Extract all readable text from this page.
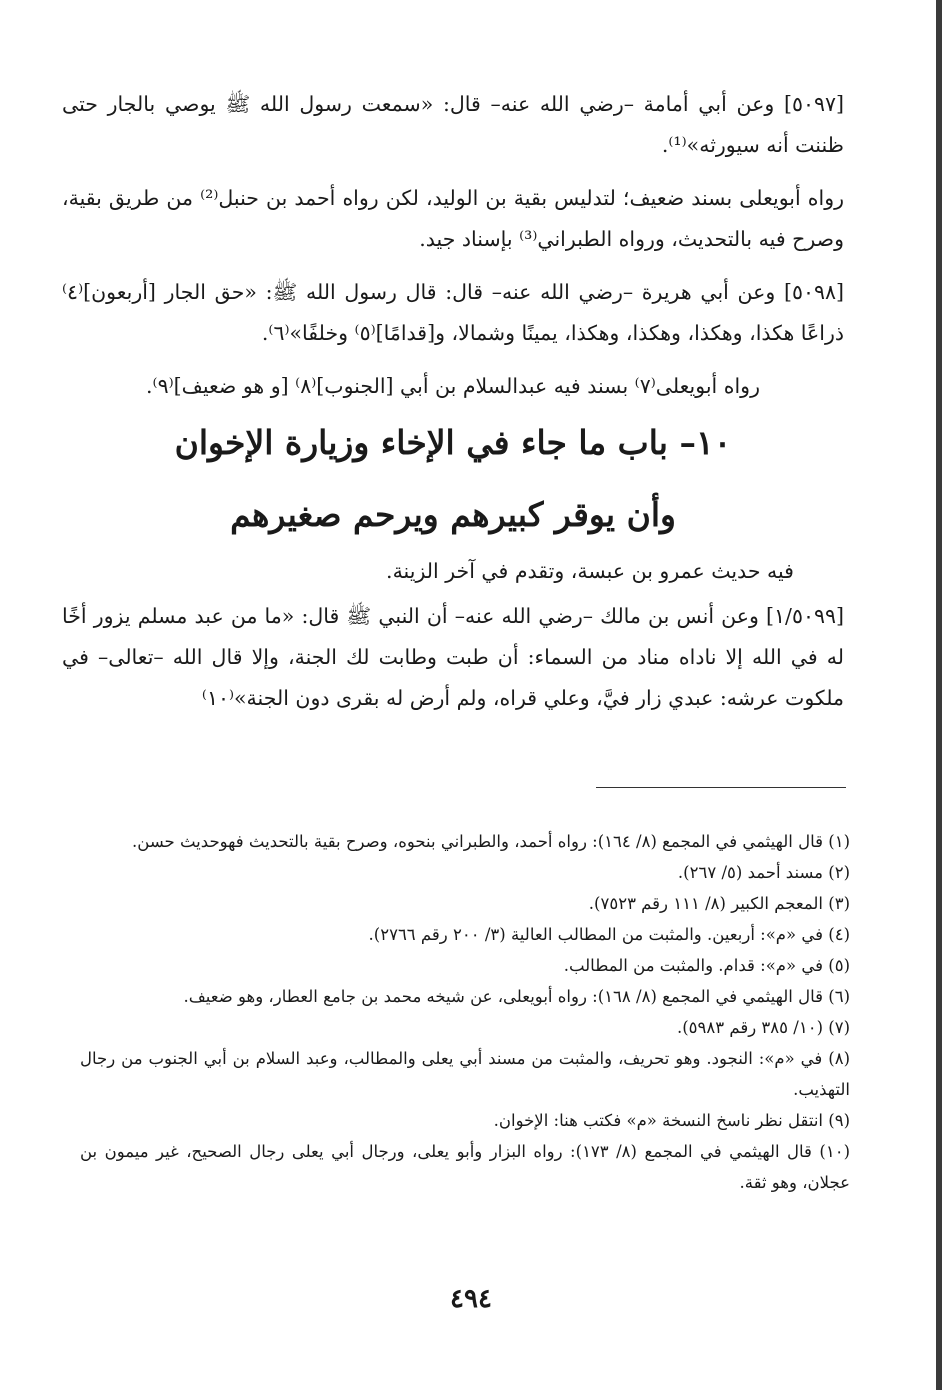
[٥٠٩٧] وعن أبي أمامة –رضي الله عنه– قال: «سمعت رسول الله ﷺ يوصي بالجار حتى ظننت أنه سيورثه»⁽¹⁾.

رواه أبويعلى بسند ضعيف؛ لتدليس بقية بن الوليد، لكن رواه أحمد بن حنبل⁽²⁾ من طريق بقية، وصرح فيه بالتحديث، ورواه الطبراني⁽³⁾ بإسناد جيد.

[٥٠٩٨] وعن أبي هريرة –رضي الله عنه– قال: قال رسول الله ﷺ: «حق الجار [أربعون]⁽٤⁾ ذراعًا هكذا، وهكذا، وهكذا، وهكذا، يمينًا وشمالا، و[قدامًا]⁽٥⁾ وخلفًا»⁽٦⁾.

رواه أبويعلى⁽٧⁾ بسند فيه عبدالسلام بن أبي [الجنوب]⁽٨⁾ [و هو ضعيف]⁽٩⁾.

١٠– باب ما جاء في الإخاء وزيارة الإخوان

وأن يوقر كبيرهم ويرحم صغيرهم

فيه حديث عمرو بن عبسة، وتقدم في آخر الزينة.

[١/٥٠٩٩] وعن أنس بن مالك –رضي الله عنه– أن النبي ﷺ قال: «ما من عبد مسلم يزور أخًا له في الله إلا ناداه مناد من السماء: أن طبت وطابت لك الجنة، وإلا قال الله –تعالى– في ملكوت عرشه: عبدي زار فيَّ، وعلي قراه، ولم أرض له بقرى دون الجنة»⁽١٠⁾

(١) قال الهيثمي في المجمع (٨/ ١٦٤): رواه أحمد، والطبراني بنحوه، وصرح بقية بالتحديث فهوحديث حسن.

(٢) مسند أحمد (٥/ ٢٦٧).

(٣) المعجم الكبير (٨/ ١١١ رقم ٧٥٢٣).

(٤) في «م»: أربعين. والمثبت من المطالب العالية (٣/ ٢٠٠ رقم ٢٧٦٦).

(٥) في «م»: قدام. والمثبت من المطالب.

(٦) قال الهيثمي في المجمع (٨/ ١٦٨): رواه أبويعلى، عن شيخه محمد بن جامع العطار، وهو ضعيف.

(٧) (١٠/ ٣٨٥ رقم ٥٩٨٣).

(٨) في «م»: النجود. وهو تحريف، والمثبت من مسند أبي يعلى والمطالب، وعبد السلام بن أبي الجنوب من رجال التهذيب.

(٩) انتقل نظر ناسخ النسخة «م» فكتب هنا: الإخوان.

(١٠) قال الهيثمي في المجمع (٨/ ١٧٣): رواه البزار وأبو يعلى، ورجال أبي يعلى رجال الصحيح، غير ميمون بن عجلان، وهو ثقة.

٤٩٤
